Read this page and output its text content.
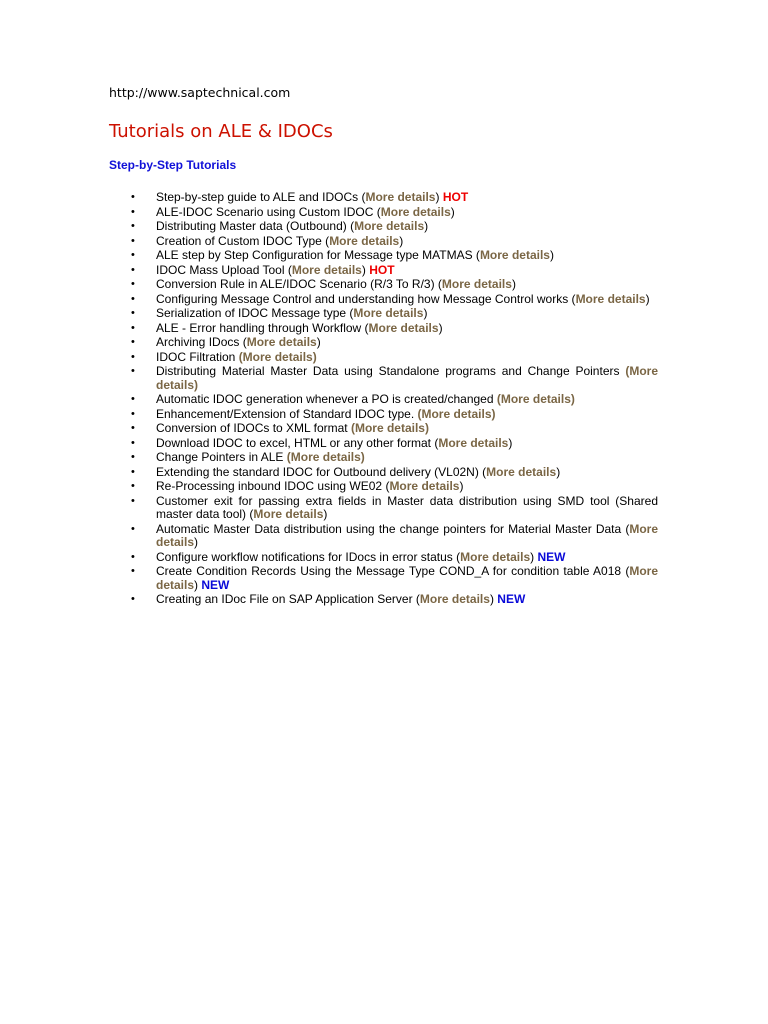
http://www.saptechnical.com
Tutorials on ALE & IDOCs
Step-by-Step Tutorials
• Step-by-step guide to ALE and IDOCs (More details) HOT
• ALE-IDOC Scenario using Custom IDOC (More details)
• Distributing Master data (Outbound) (More details)
• Creation of Custom IDOC Type (More details)
• ALE step by Step Configuration for Message type MATMAS (More details)
• IDOC Mass Upload Tool (More details) HOT
• Conversion Rule in ALE/IDOC Scenario (R/3 To R/3) (More details)
• Configuring Message Control and understanding how Message Control works (More details)
• Serialization of IDOC Message type (More details)
• ALE - Error handling through Workflow (More details)
• Archiving IDocs (More details)
• IDOC Filtration (More details)
• Distributing Material Master Data using Standalone programs and Change Pointers (More details)
• Automatic IDOC generation whenever a PO is created/changed (More details)
• Enhancement/Extension of Standard IDOC type. (More details)
• Conversion of IDOCs to XML format (More details)
• Download IDOC to excel, HTML or any other format (More details)
• Change Pointers in ALE (More details)
• Extending the standard IDOC for Outbound delivery (VL02N) (More details)
• Re-Processing inbound IDOC using WE02 (More details)
• Customer exit for passing extra fields in Master data distribution using SMD tool (Shared master data tool) (More details)
• Automatic Master Data distribution using the change pointers for Material Master Data (More details)
• Configure workflow notifications for IDocs in error status (More details) NEW
• Create Condition Records Using the Message Type COND_A for condition table A018 (More details) NEW
• Creating an IDoc File on SAP Application Server (More details) NEW
